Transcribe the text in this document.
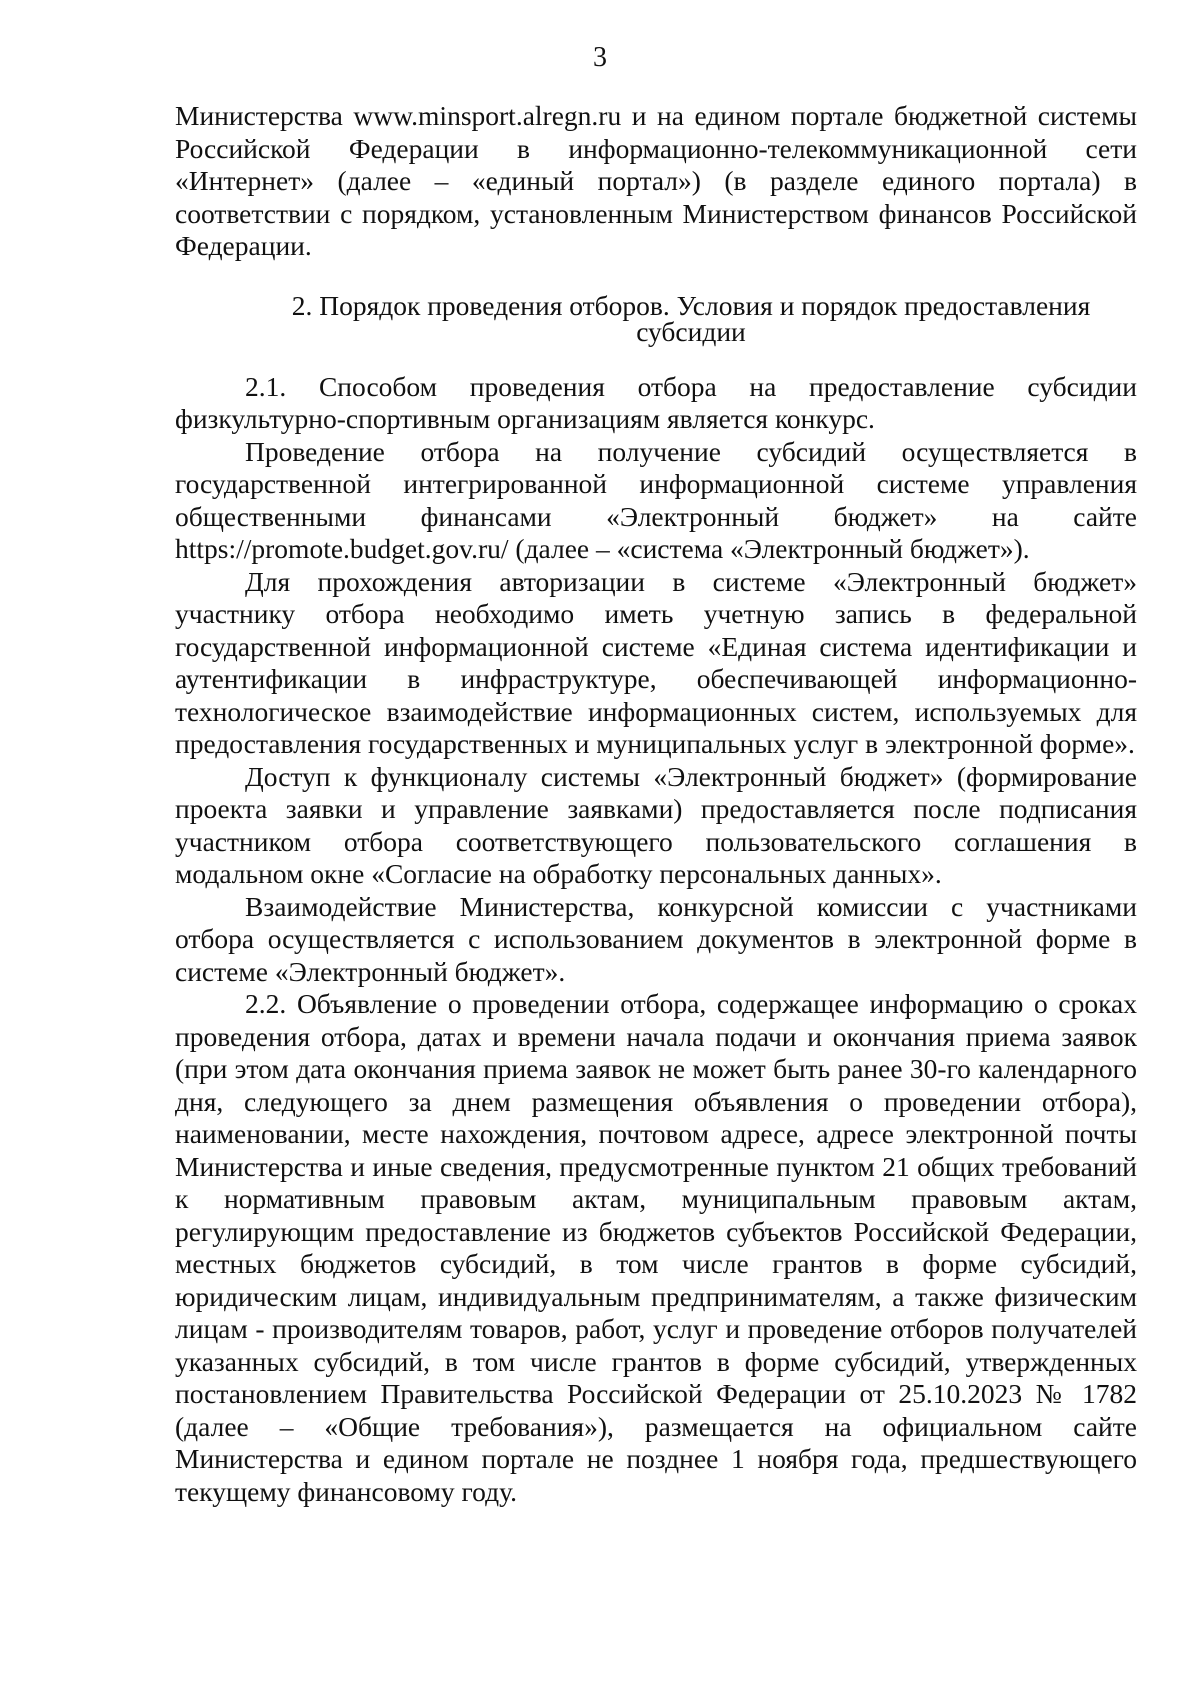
3

Министерства www.minsport.alregn.ru и на едином портале бюджетной системы Российской Федерации в информационно-телекоммуникационной сети «Интернет» (далее – «единый портал») (в разделе единого портала) в соответствии с порядком, установленным Министерством финансов Российской Федерации.

2. Порядок проведения отборов. Условия и порядок предоставления субсидии

2.1. Способом проведения отбора на предоставление субсидии физкультурно-спортивным организациям является конкурс.

Проведение отбора на получение субсидий осуществляется в государственной интегрированной информационной системе управления общественными финансами «Электронный бюджет» на сайте https://promote.budget.gov.ru/ (далее – «система «Электронный бюджет»).

Для прохождения авторизации в системе «Электронный бюджет» участнику отбора необходимо иметь учетную запись в федеральной государственной информационной системе «Единая система идентификации и аутентификации в инфраструктуре, обеспечивающей информационно-технологическое взаимодействие информационных систем, используемых для предоставления государственных и муниципальных услуг в электронной форме».

Доступ к функционалу системы «Электронный бюджет» (формирование проекта заявки и управление заявками) предоставляется после подписания участником отбора соответствующего пользовательского соглашения в модальном окне «Согласие на обработку персональных данных».

Взаимодействие Министерства, конкурсной комиссии с участниками отбора осуществляется с использованием документов в электронной форме в системе «Электронный бюджет».

2.2. Объявление о проведении отбора, содержащее информацию о сроках проведения отбора, датах и времени начала подачи и окончания приема заявок (при этом дата окончания приема заявок не может быть ранее 30-го календарного дня, следующего за днем размещения объявления о проведении отбора), наименовании, месте нахождения, почтовом адресе, адресе электронной почты Министерства и иные сведения, предусмотренные пунктом 21 общих требований к нормативным правовым актам, муниципальным правовым актам, регулирующим предоставление из бюджетов субъектов Российской Федерации, местных бюджетов субсидий, в том числе грантов в форме субсидий, юридическим лицам, индивидуальным предпринимателям, а также физическим лицам - производителям товаров, работ, услуг и проведение отборов получателей указанных субсидий, в том числе грантов в форме субсидий, утвержденных постановлением Правительства Российской Федерации от 25.10.2023 № 1782 (далее – «Общие требования»), размещается на официальном сайте Министерства и едином портале не позднее 1 ноября года, предшествующего текущему финансовому году.
